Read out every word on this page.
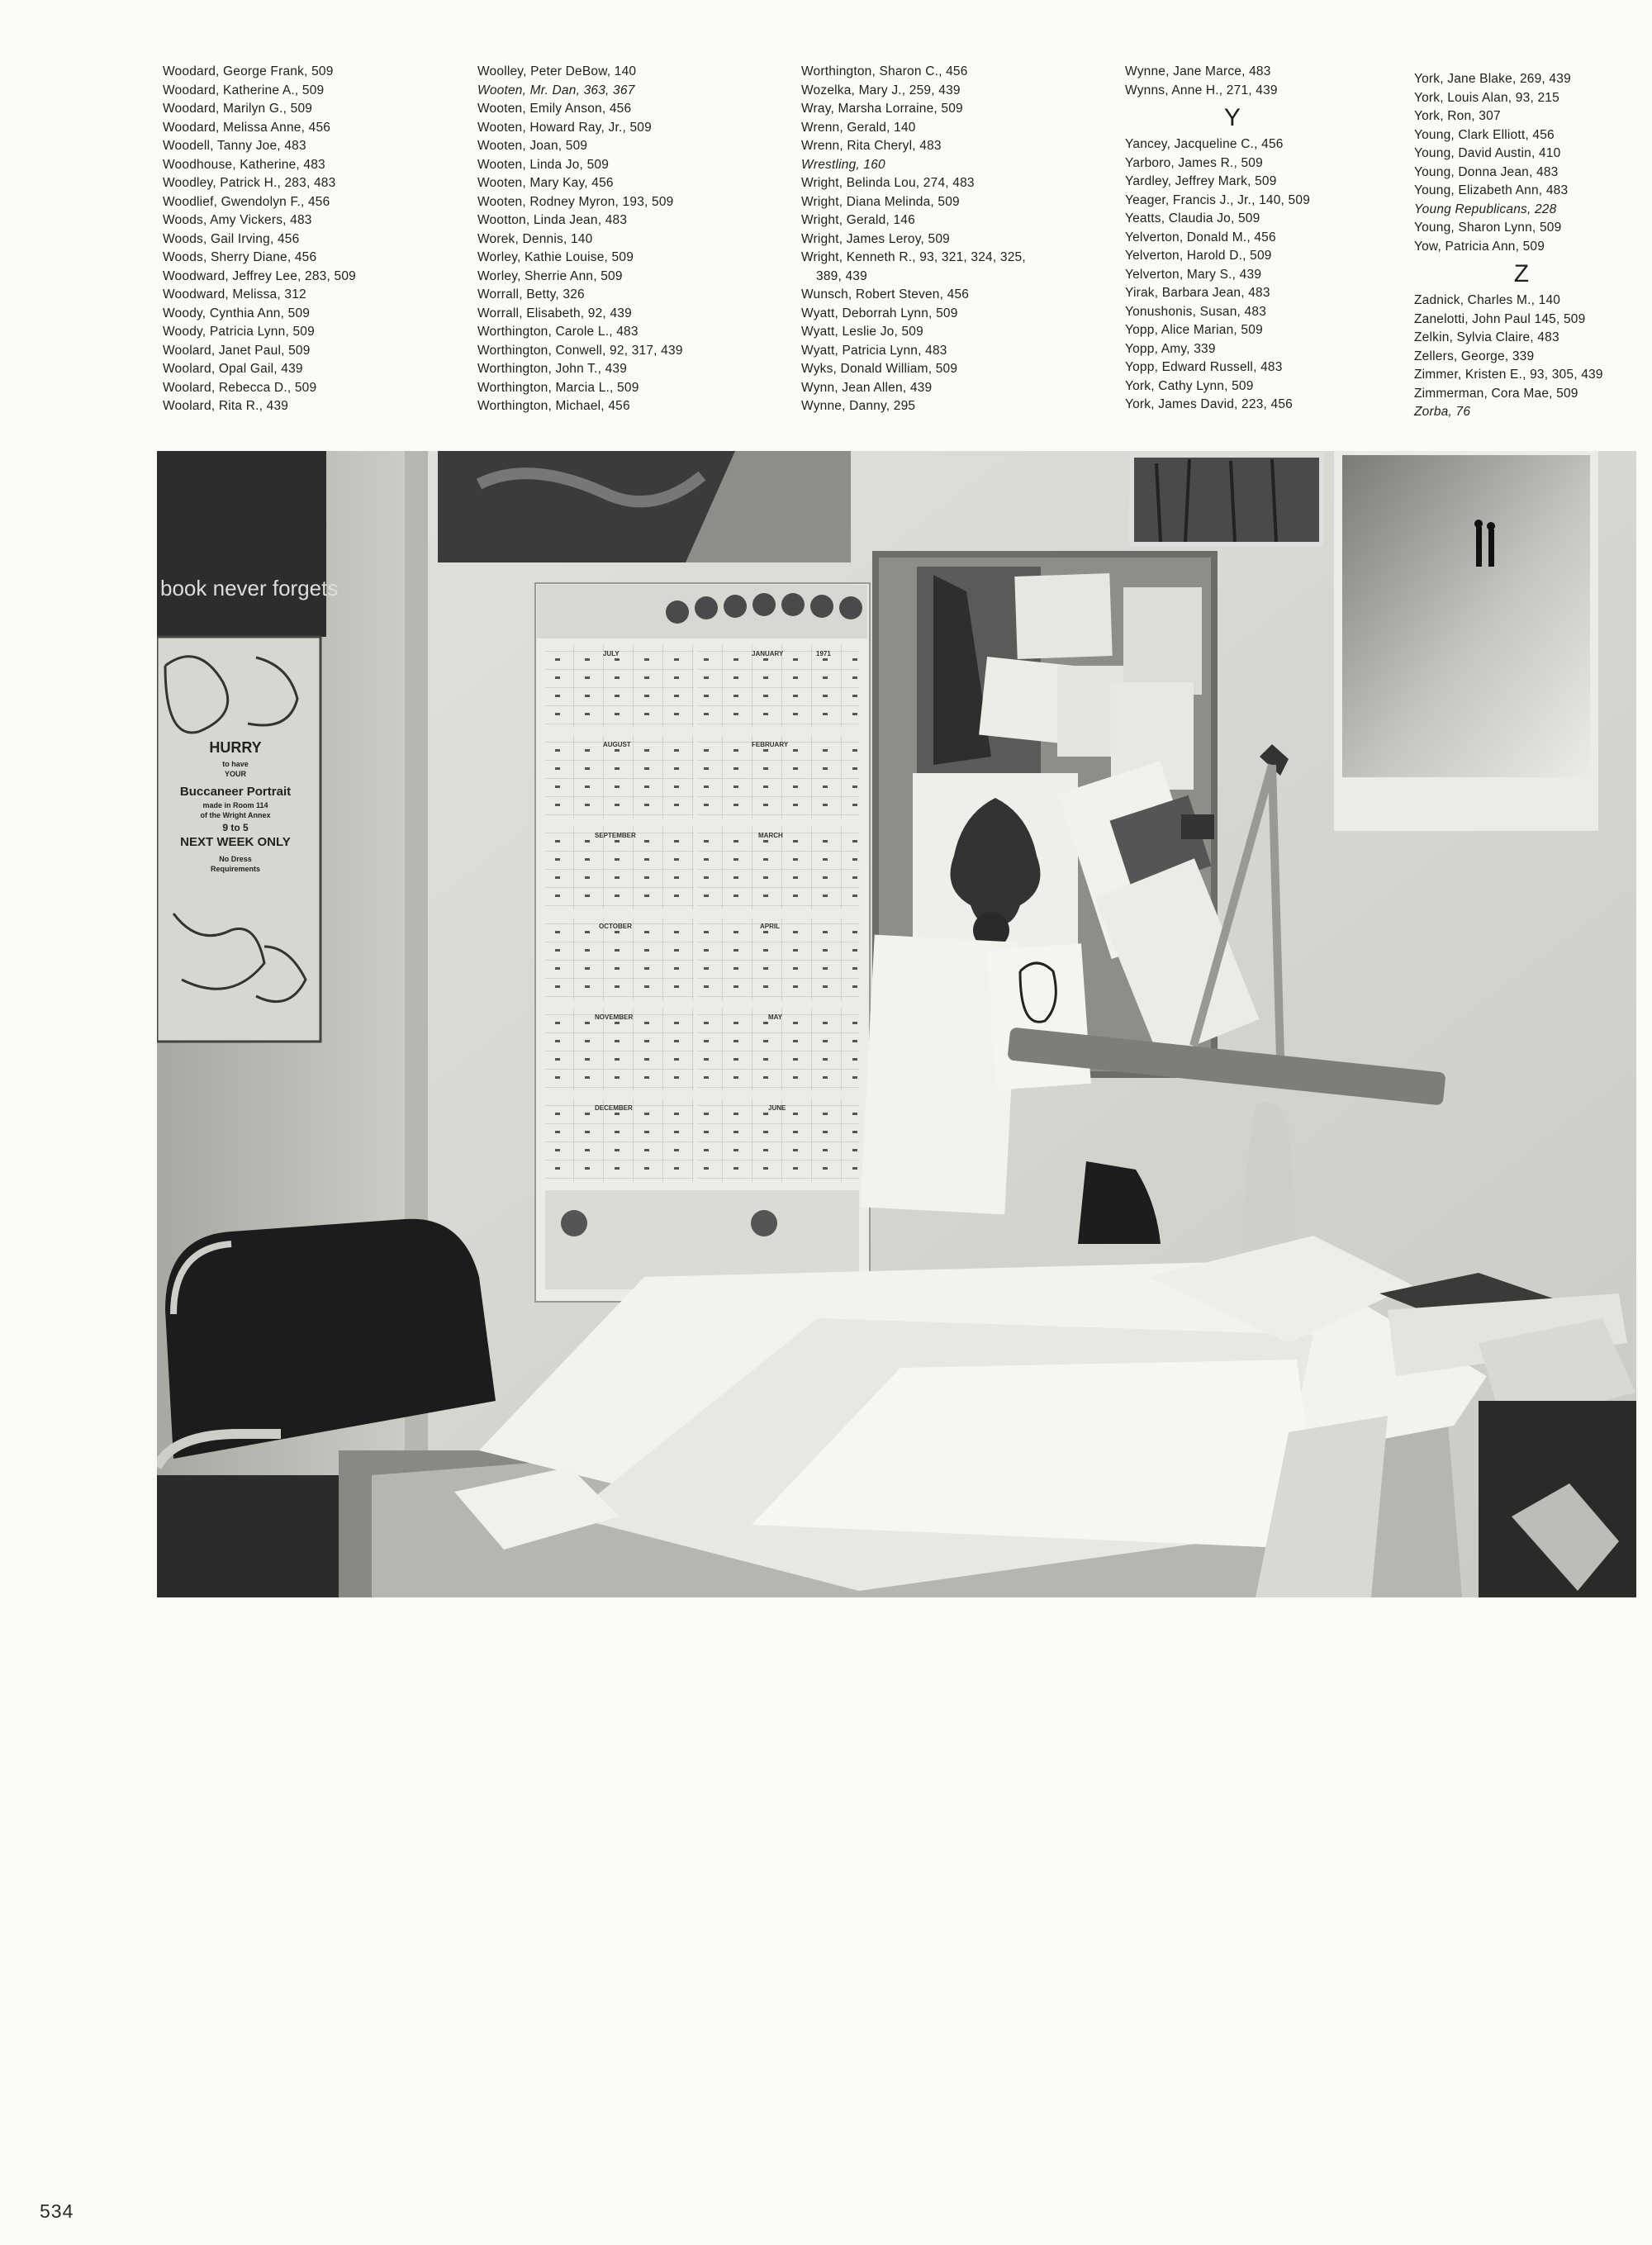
Woodard, George Frank, 509
Woodard, Katherine A., 509
Woodard, Marilyn G., 509
Woodard, Melissa Anne, 456
Woodell, Tanny Joe, 483
Woodhouse, Katherine, 483
Woodley, Patrick H., 283, 483
Woodlief, Gwendolyn F., 456
Woods, Amy Vickers, 483
Woods, Gail Irving, 456
Woods, Sherry Diane, 456
Woodward, Jeffrey Lee, 283, 509
Woodward, Melissa, 312
Woody, Cynthia Ann, 509
Woody, Patricia Lynn, 509
Woolard, Janet Paul, 509
Woolard, Opal Gail, 439
Woolard, Rebecca D., 509
Woolard, Rita R., 439
Woolley, Peter DeBow, 140
Wooten, Mr. Dan, 363, 367
Wooten, Emily Anson, 456
Wooten, Howard Ray, Jr., 509
Wooten, Joan, 509
Wooten, Linda Jo, 509
Wooten, Mary Kay, 456
Wooten, Rodney Myron, 193, 509
Wootton, Linda Jean, 483
Worek, Dennis, 140
Worley, Kathie Louise, 509
Worley, Sherrie Ann, 509
Worrall, Betty, 326
Worrall, Elisabeth, 92, 439
Worthington, Carole L., 483
Worthington, Conwell, 92, 317, 439
Worthington, John T., 439
Worthington, Marcia L., 509
Worthington, Michael, 456
Worthington, Sharon C., 456
Wozelka, Mary J., 259, 439
Wray, Marsha Lorraine, 509
Wrenn, Gerald, 140
Wrenn, Rita Cheryl, 483
Wrestling, 160
Wright, Belinda Lou, 274, 483
Wright, Diana Melinda, 509
Wright, Gerald, 146
Wright, James Leroy, 509
Wright, Kenneth R., 93, 321, 324, 325,
389, 439
Wunsch, Robert Steven, 456
Wyatt, Deborrah Lynn, 509
Wyatt, Leslie Jo, 509
Wyatt, Patricia Lynn, 483
Wyks, Donald William, 509
Wynn, Jean Allen, 439
Wynne, Danny, 295
Wynne, Jane Marce, 483
Wynns, Anne H., 271, 439
Y
Yancey, Jacqueline C., 456
Yarboro, James R., 509
Yardley, Jeffrey Mark, 509
Yeager, Francis J., Jr., 140, 509
Yeatts, Claudia Jo, 509
Yelverton, Donald M., 456
Yelverton, Harold D., 509
Yelverton, Mary S., 439
Yirak, Barbara Jean, 483
Yonushonis, Susan, 483
Yopp, Alice Marian, 509
Yopp, Amy, 339
Yopp, Edward Russell, 483
York, Cathy Lynn, 509
York, James David, 223, 456
York, Jane Blake, 269, 439
York, Louis Alan, 93, 215
York, Ron, 307
Young, Clark Elliott, 456
Young, David Austin, 410
Young, Donna Jean, 483
Young, Elizabeth Ann, 483
Young Republicans, 228
Young, Sharon Lynn, 509
Yow, Patricia Ann, 509
Z
Zadnick, Charles M., 140
Zanelotti, John Paul 145, 509
Zelkin, Sylvia Claire, 483
Zellers, George, 339
Zimmer, Kristen E., 93, 305, 439
Zimmerman, Cora Mae, 509
Zorba, 76
book never forgets
HURRY
to have
YOUR
Buccaneer Portrait
made in Room 114
of the Wright Annex
9 to 5
NEXT WEEK ONLY
No Dress
Requirements
JULY	JANUARY	1971
AUGUST	FEBRUARY
SEPTEMBER	MARCH
OCTOBER	APRIL
NOVEMBER	MAY
DECEMBER	JUNE
534
